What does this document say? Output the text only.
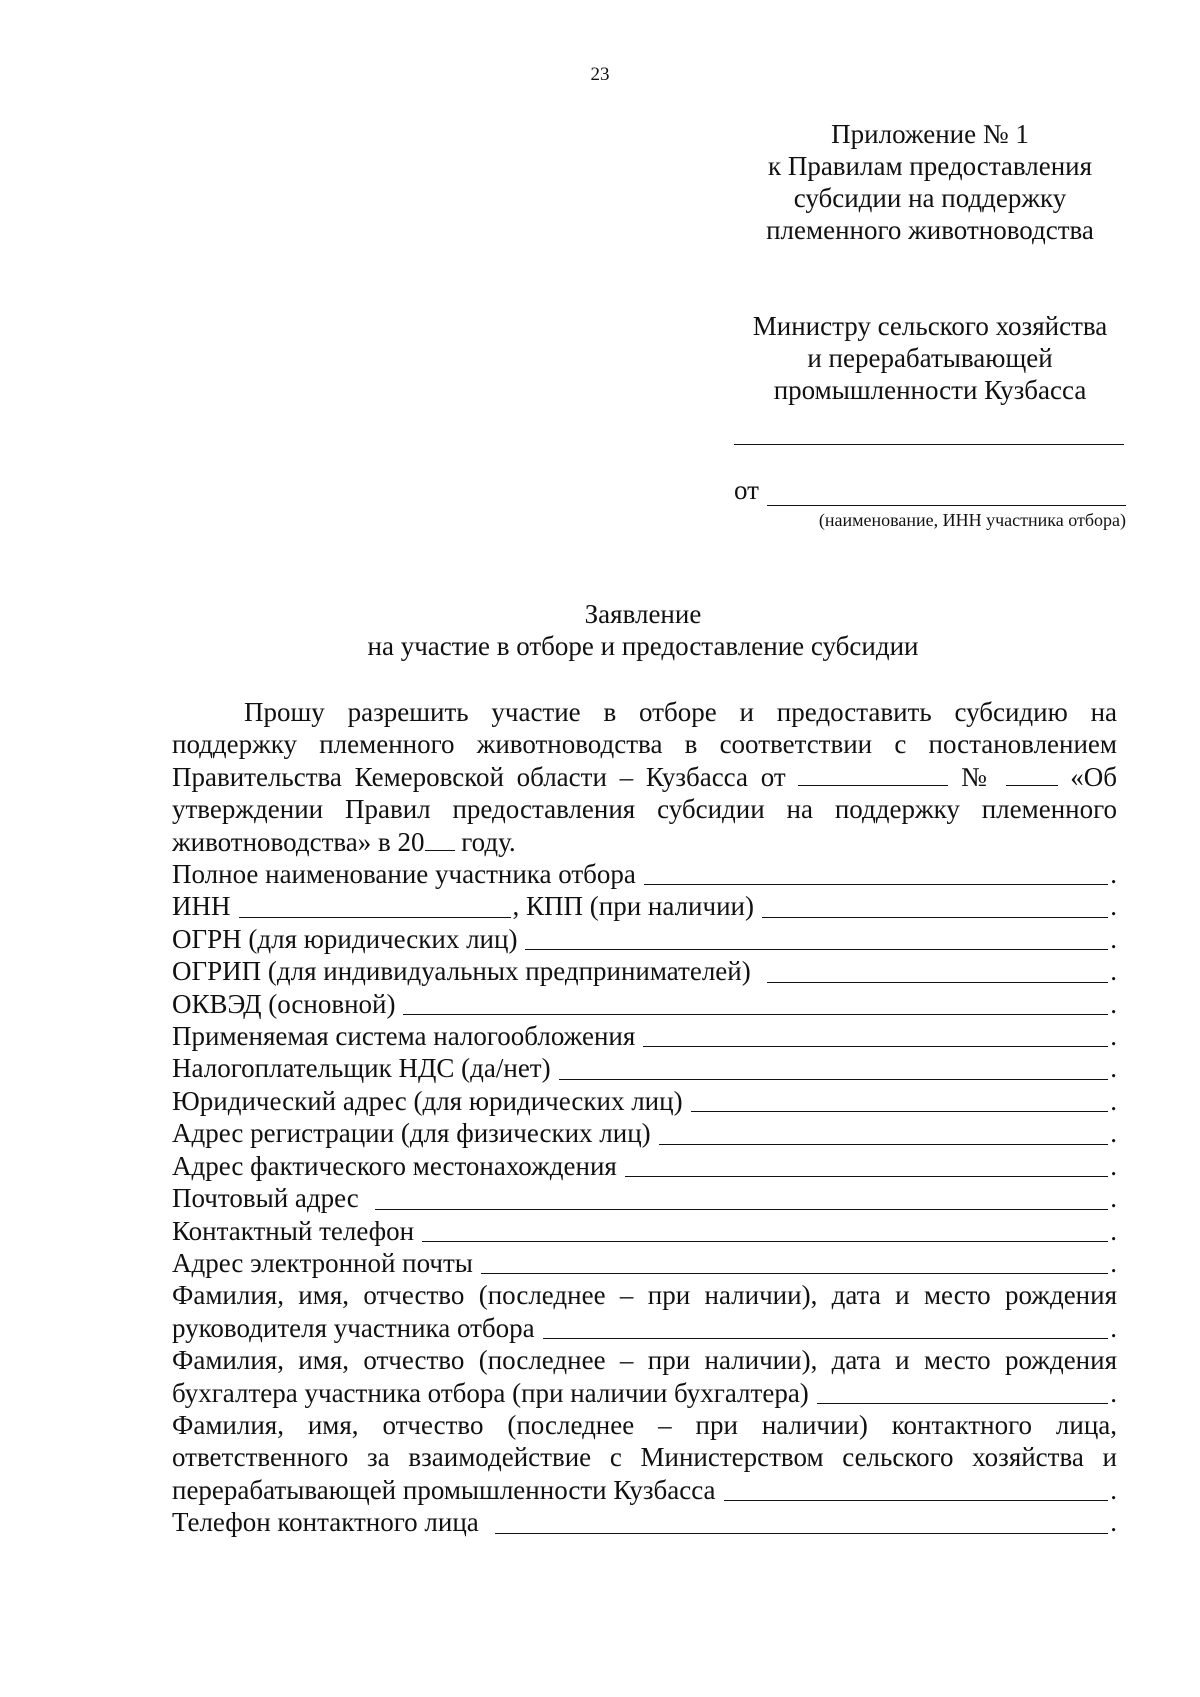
23
Приложение № 1
к Правилам предоставления
субсидии на поддержку
племенного животноводства
Министру сельского хозяйства
и перерабатывающей
промышленности Кузбасса
от
(наименование, ИНН участника отбора)
Заявление
на участие в отборе и предоставление субсидии
Прошу разрешить участие в отборе и предоставить субсидию на поддержку племенного животноводства в соответствии с постановлением Правительства Кемеровской области – Кузбасса от	№	«Об утверждении Правил предоставления субсидии на поддержку племенного животноводства» в 20 году.
Полное наименование участника отбора	.
ИНН	, КПП (при наличии)	.
ОГРН (для юридических лиц)	.
ОГРИП (для индивидуальных предпринимателей)	.
ОКВЭД (основной)	.
Применяемая система налогообложения	.
Налогоплательщик НДС (да/нет)	.
Юридический адрес (для юридических лиц)	.
Адрес регистрации (для физических лиц)	.
Адрес фактического местонахождения	.
Почтовый адрес	.
Контактный телефон	.
Адрес электронной почты	.
Фамилия, имя, отчество (последнее – при наличии), дата и место рождения
руководителя участника отбора	.
Фамилия, имя, отчество (последнее – при наличии), дата и место рождения
бухгалтера участника отбора (при наличии бухгалтера)	.
Фамилия, имя, отчество (последнее – при наличии) контактного лица,
ответственного за взаимодействие с Министерством сельского хозяйства и
перерабатывающей промышленности Кузбасса	.
Телефон контактного лица	.
